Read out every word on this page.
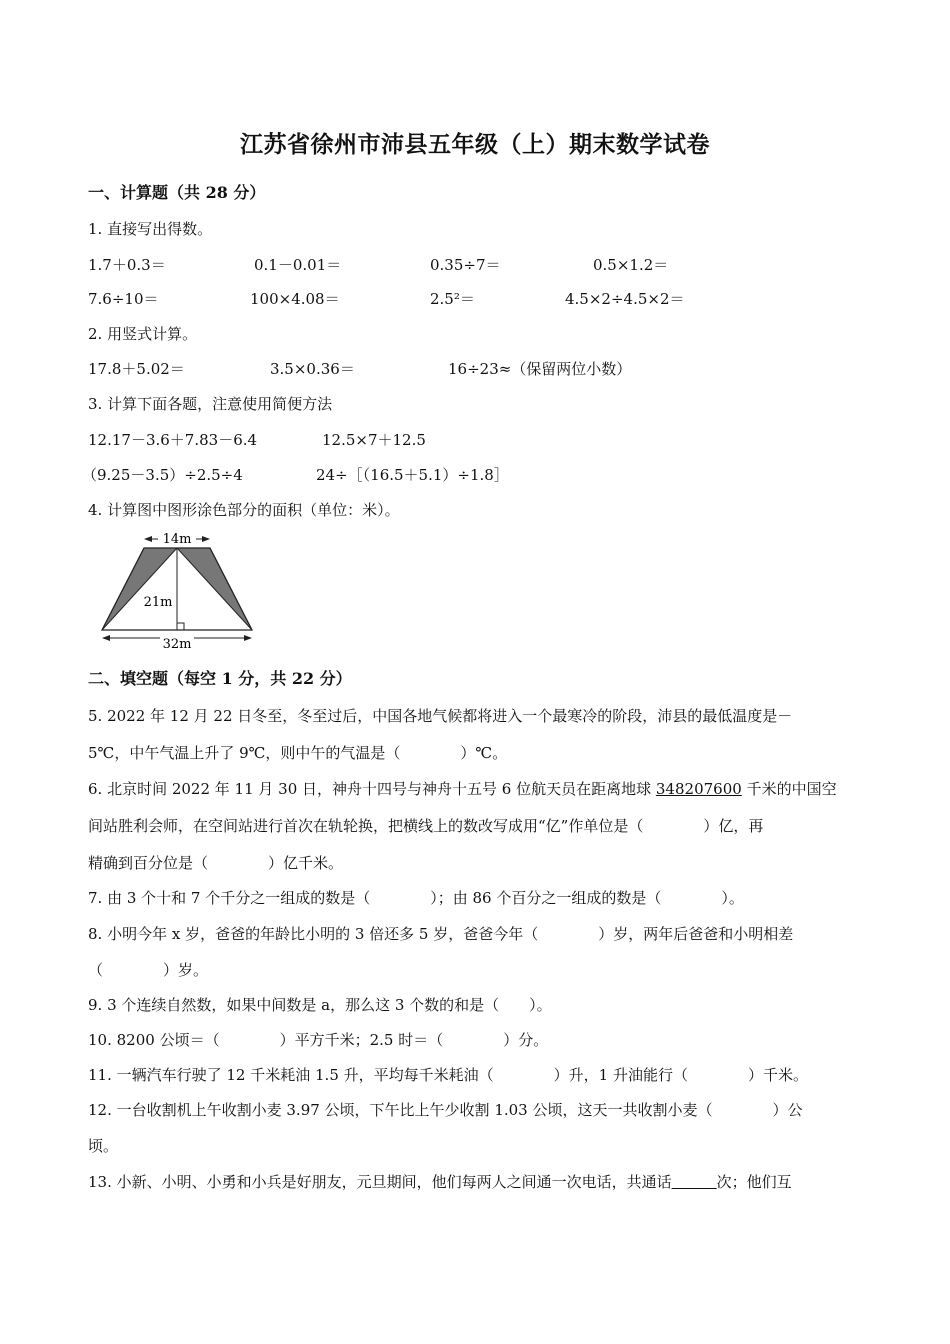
江苏省徐州市沛县五年级（上）期末数学试卷
一、计算题（共 28 分）
1. 直接写出得数。
1.7＋0.3＝	0.1－0.01＝	0.35÷7＝	0.5×1.2＝
7.6÷10＝	100×4.08＝	2.5²＝	4.5×2÷4.5×2＝
2. 用竖式计算。
17.8＋5.02＝	3.5×0.36＝	16÷23≈（保留两位小数）
3. 计算下面各题，注意使用简便方法
12.17－3.6＋7.83－6.4	12.5×7＋12.5
（9.25－3.5）÷2.5÷4	24÷［（16.5＋5.1）÷1.8］
4. 计算图中图形涂色部分的面积（单位：米）。
14m
21m
32m
二、填空题（每空 1 分，共 22 分）
5. 2022 年 12 月 22 日冬至，冬至过后，中国各地气候都将进入一个最寒冷的阶段，沛县的最低温度是－
5℃，中午气温上升了 9℃，则中午的气温是（　　　　）℃。
6. 北京时间 2022 年 11 月 30 日，神舟十四号与神舟十五号 6 位航天员在距离地球 348207600 千米的中国空
间站胜利会师，在空间站进行首次在轨轮换，把横线上的数改写成用“亿”作单位是（　　　　）亿，再
精确到百分位是（　　　　）亿千米。
7. 由 3 个十和 7 个千分之一组成的数是（　　　　）；由 86 个百分之一组成的数是（　　　　）。
8. 小明今年 x 岁，爸爸的年龄比小明的 3 倍还多 5 岁，爸爸今年（　　　　）岁，两年后爸爸和小明相差
（　　　　）岁。
9. 3 个连续自然数，如果中间数是 a，那么这 3 个数的和是（　　）。
10. 8200 公顷＝（　　　　）平方千米；2.5 时＝（　　　　）分。
11. 一辆汽车行驶了 12 千米耗油 1.5 升，平均每千米耗油（　　　　）升，1 升油能行（　　　　）千米。
12. 一台收割机上午收割小麦 3.97 公顷，下午比上午少收割 1.03 公顷，这天一共收割小麦（　　　　）公
顷。
13. 小新、小明、小勇和小兵是好朋友，元旦期间，他们每两人之间通一次电话，共通话　　　	次；他们互
